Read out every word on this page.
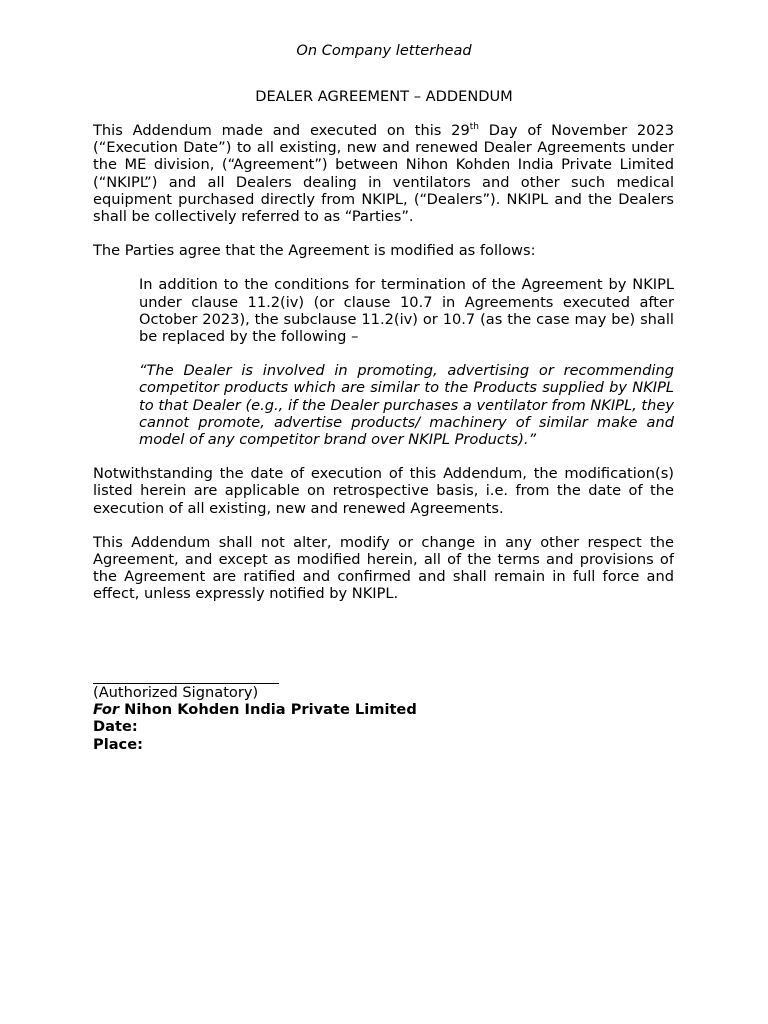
On Company letterhead
DEALER AGREEMENT – ADDENDUM

This Addendum made and executed on this 29th Day of November 2023 (“Execution Date”) to all existing, new and renewed Dealer Agreements under the ME division, (“Agreement”) between Nihon Kohden India Private Limited (“NKIPL”) and all Dealers dealing in ventilators and other such medical equipment purchased directly from NKIPL, (“Dealers”). NKIPL and the Dealers shall be collectively referred to as “Parties”.

The Parties agree that the Agreement is modified as follows:

In addition to the conditions for termination of the Agreement by NKIPL under clause 11.2(iv) (or clause 10.7 in Agreements executed after October 2023), the subclause 11.2(iv) or 10.7 (as the case may be) shall be replaced by the following –

“The Dealer is involved in promoting, advertising or recommending competitor products which are similar to the Products supplied by NKIPL to that Dealer (e.g., if the Dealer purchases a ventilator from NKIPL, they cannot promote, advertise products/ machinery of similar make and model of any competitor brand over NKIPL Products).”

Notwithstanding the date of execution of this Addendum, the modification(s) listed herein are applicable on retrospective basis, i.e. from the date of the execution of all existing, new and renewed Agreements.

This Addendum shall not alter, modify or change in any other respect the Agreement, and except as modified herein, all of the terms and provisions of the Agreement are ratified and confirmed and shall remain in full force and effect, unless expressly notified by NKIPL.

(Authorized Signatory)

For Nihon Kohden India Private Limited

Date:

Place:
